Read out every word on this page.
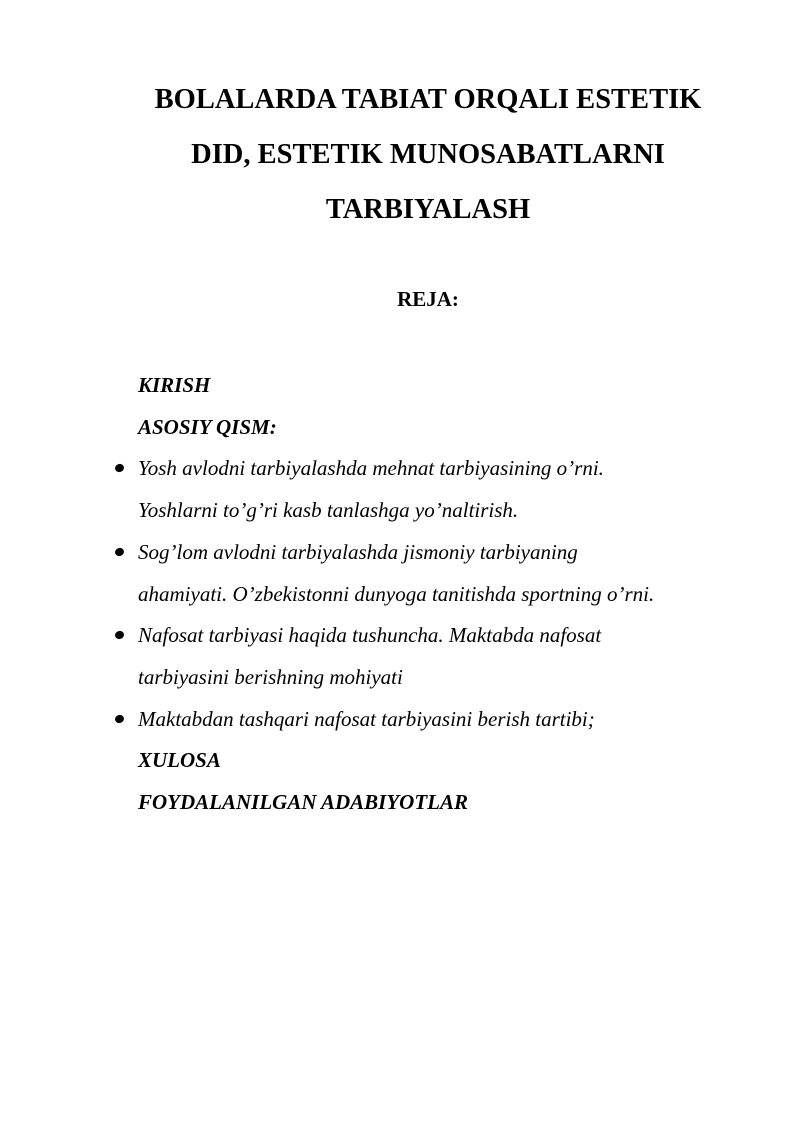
BOLALARDA TABIAT ORQALI ESTETIK
DID, ESTETIK MUNOSABATLARNI
TARBIYALASH
REJA:
KIRISH
ASOSIY QISM:
Yosh avlodni tarbiyalashda mehnat tarbiyasining o’rni.
Yoshlarni to’g’ri kasb tanlashga yo’naltirish.
Sog’lom avlodni tarbiyalashda jismoniy tarbiyaning
ahamiyati. O’zbekistonni dunyoga tanitishda sportning o’rni.
Nafosat tarbiyasi haqida tushuncha. Maktabda nafosat
tarbiyasini berishning mohiyati
Maktabdan tashqari nafosat tarbiyasini berish tartibi;
XULOSA
FOYDALANILGAN ADABIYOTLAR
